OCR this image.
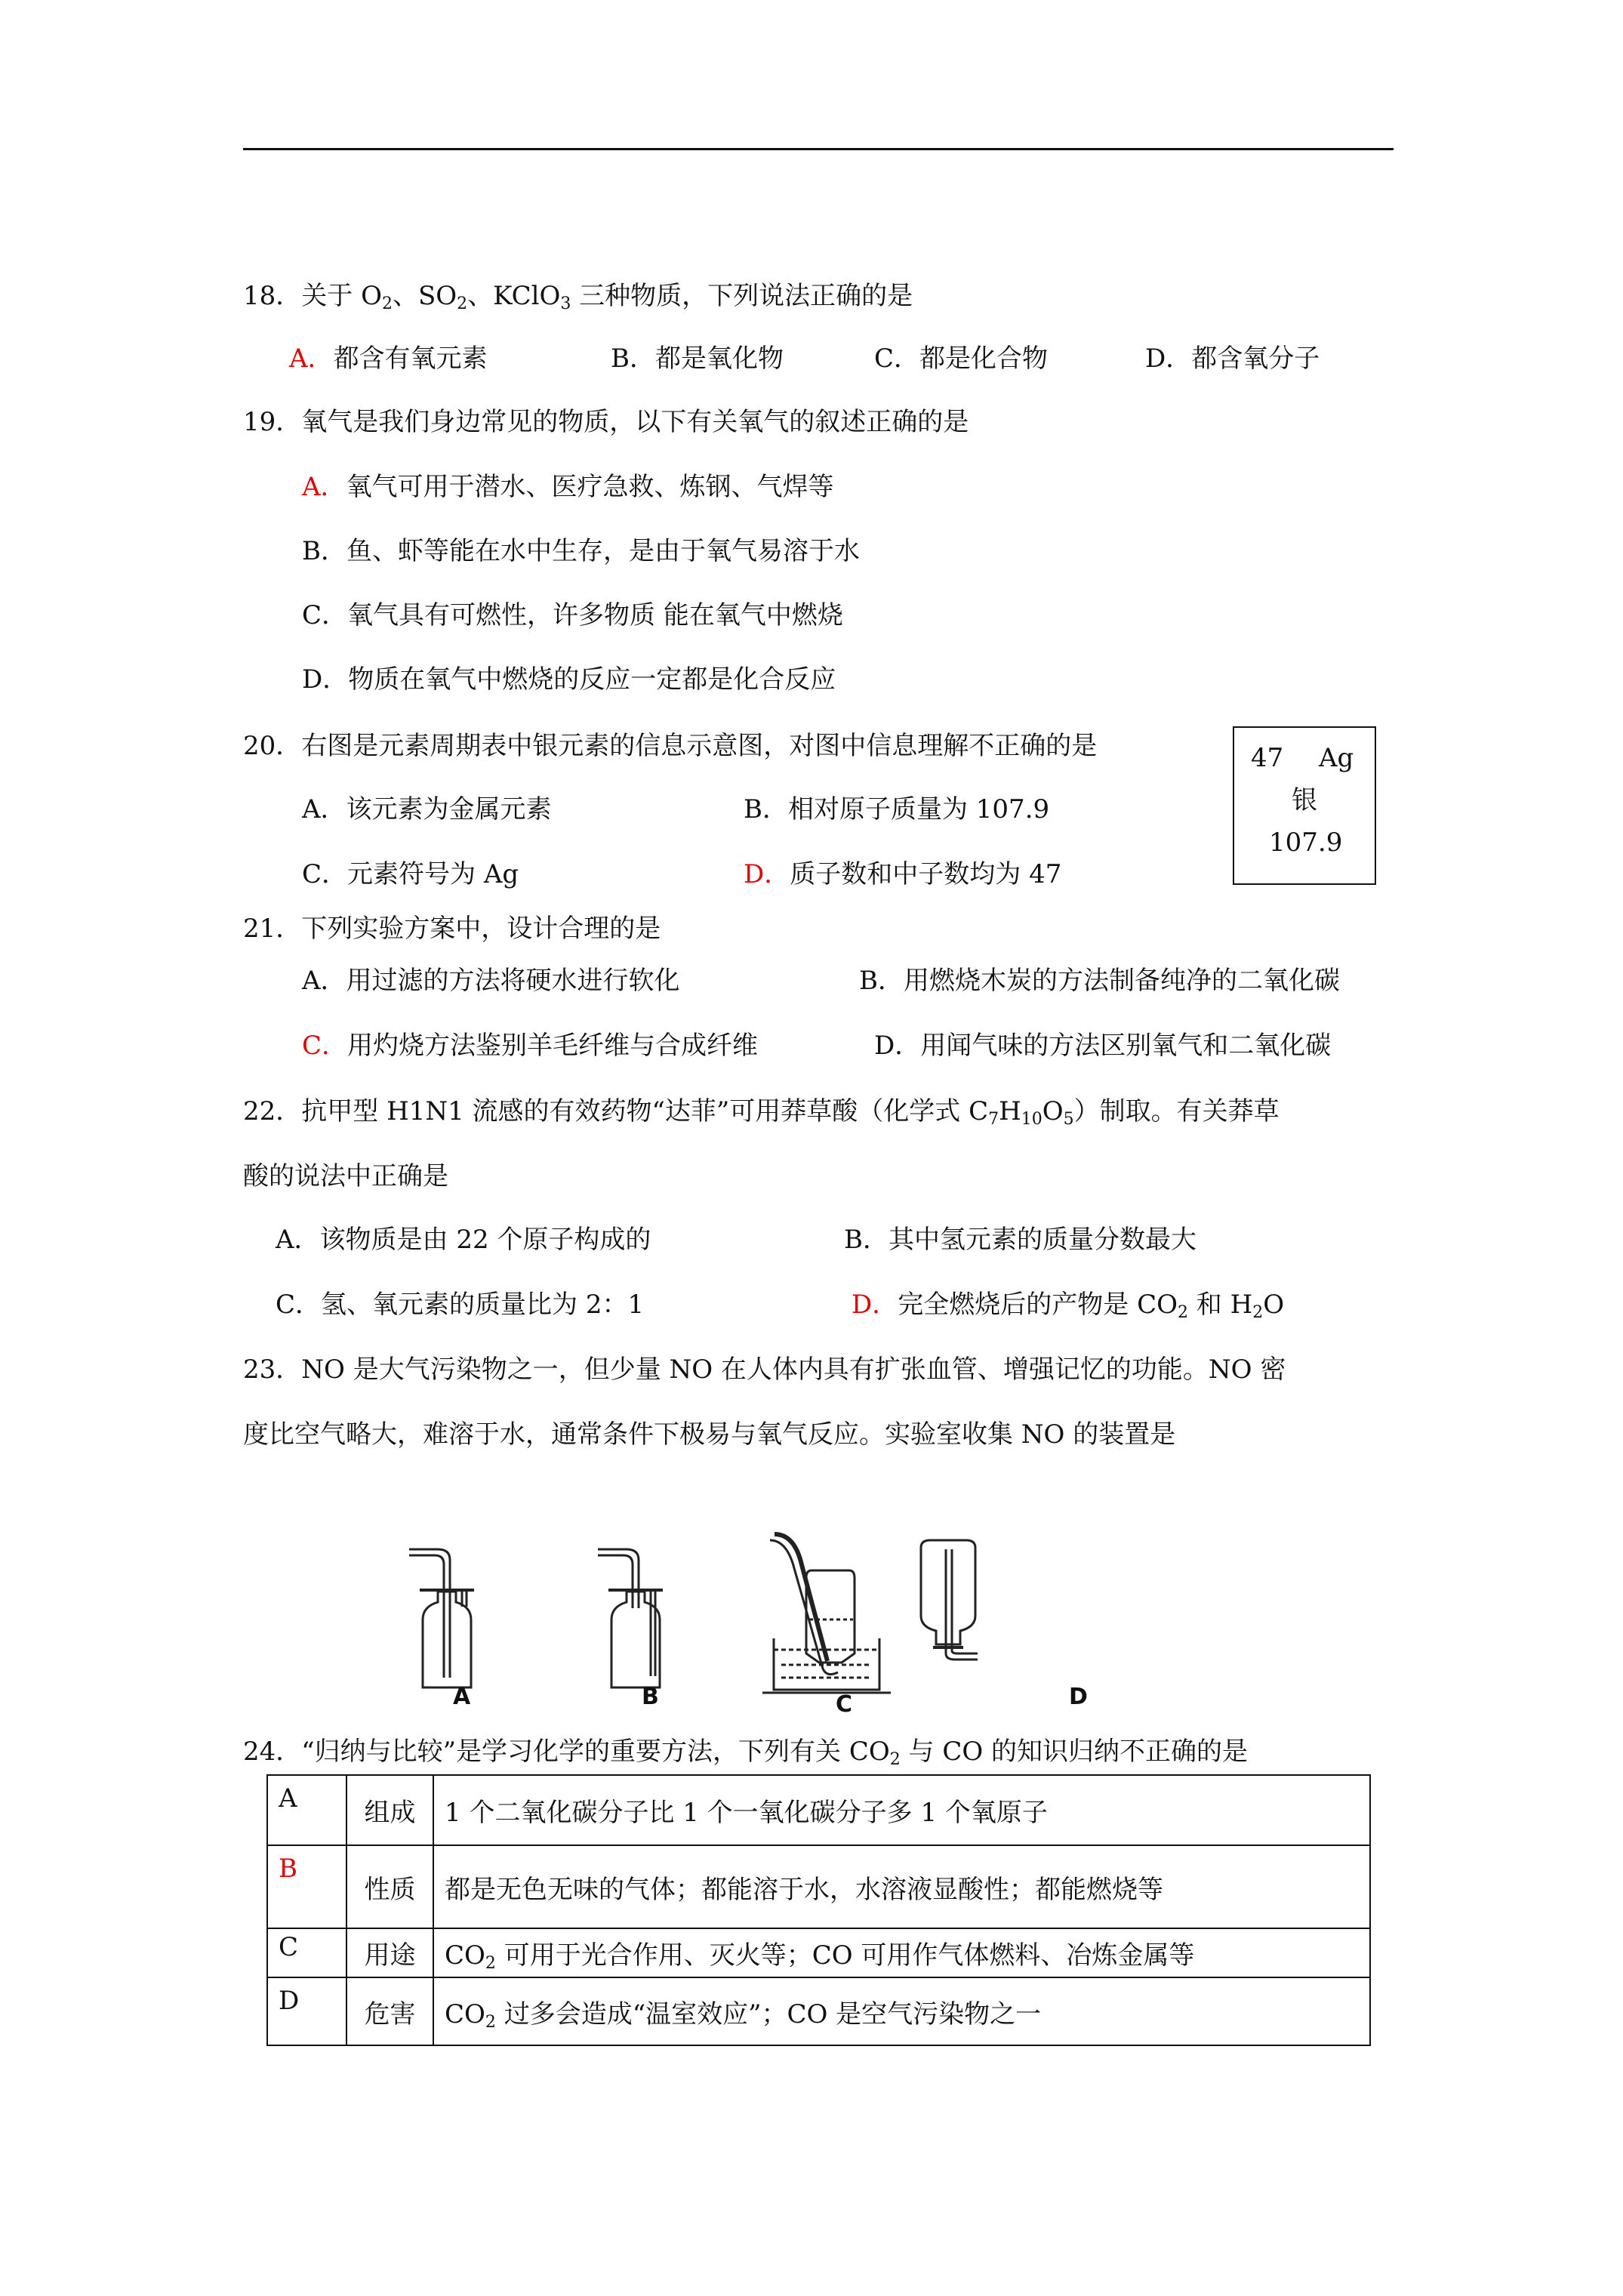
18．关于 $O_2$、$SO_2$、KClO$_3$ 三种物质，下列说法正确的是
A．都含有氧元素	B．都是氧化物	C．都是化合物	D．都含氧分子
19．氧气是我们身边常见的物质，以下有关氧气的叙述正确的是
A．氧气可用于潜水、医疗急救、炼钢、气焊等
B．鱼、虾等能在水中生存，是由于氧气易溶于水
C．氧气具有可燃性，许多物质 能在氧气中燃烧
D．物质在氧气中燃烧的反应一定都是化合反应
20．右图是元素周期表中银元素的信息示意图，对图中信息理解不正确的是
A．该元素为金属元素	B．相对原子质量为 107.9
C．元素符号为 Ag	D．质子数和中子数均为 47
47 Ag
银
107.9
21．下列实验方案中，设计合理的是
A．用过滤的方法将硬水进行软化	B．用燃烧木炭的方法制备纯净的二氧化碳
C．用灼烧方法鉴别羊毛纤维与合成纤维	D．用闻气味的方法区别氧气和二氧化碳
22．抗甲型 H1N1 流感的有效药物“达菲”可用莽草酸（化学式 $C_7H_{10}O_5$）制取。有关莽草
酸的说法中正确是
A．该物质是由 22 个原子构成的	B．其中氢元素的质量分数最大
C．氢、氧元素的质量比为 2：1	D．完全燃烧后的产物是 $CO_2$ 和 $H_2O$
23．NO 是大气污染物之一，但少量 NO 在人体内具有扩张血管、增强记忆的功能。NO 密
度比空气略大，难溶于水，通常条件下极易与氧气反应。实验室收集 NO 的装置是
A	B	C	D
24．“归纳与比较”是学习化学的重要方法，下列有关 $CO_2$ 与 CO 的知识归纳不正确的是
A	组成	1 个二氧化碳分子比 1 个一氧化碳分子多 1 个氧原子
B	性质	都是无色无味的气体；都能溶于水，水溶液显酸性；都能燃烧等
C	用途	$CO_2$ 可用于光合作用、灭火等；CO 可用作气体燃料、冶炼金属等
D	危害	$CO_2$ 过多会造成“温室效应”；CO 是空气污染物之一
